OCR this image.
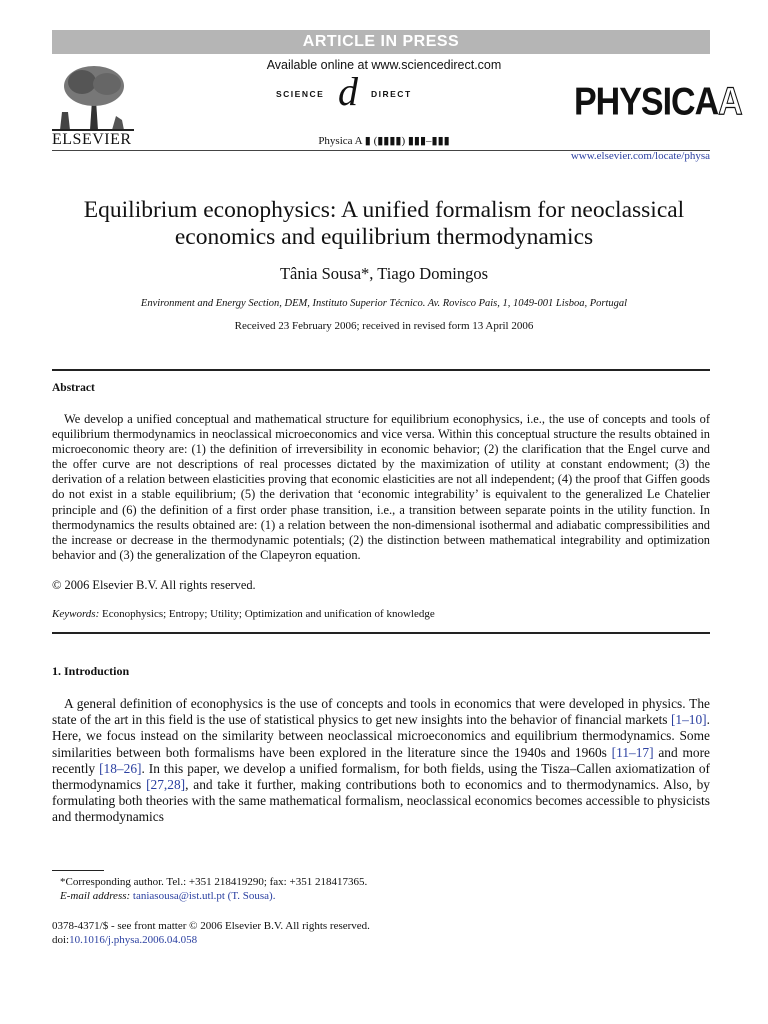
ARTICLE IN PRESS
ELSEVIER
Available online at www.sciencedirect.com
SCIENCE d DIRECT
Physica A ▮ (▮▮▮▮) ▮▮▮–▮▮▮
PHYSICAA
www.elsevier.com/locate/physa
Equilibrium econophysics: A unified formalism for neoclassical
economics and equilibrium thermodynamics
Tânia Sousa*, Tiago Domingos
Environment and Energy Section, DEM, Instituto Superior Técnico. Av. Rovisco Pais, 1, 1049-001 Lisboa, Portugal
Received 23 February 2006; received in revised form 13 April 2006
Abstract

We develop a unified conceptual and mathematical structure for equilibrium econophysics, i.e., the use of concepts and tools of equilibrium thermodynamics in neoclassical microeconomics and vice versa. Within this conceptual structure the results obtained in microeconomic theory are: (1) the definition of irreversibility in economic behavior; (2) the clarification that the Engel curve and the offer curve are not descriptions of real processes dictated by the maximization of utility at constant endowment; (3) the derivation of a relation between elasticities proving that economic elasticities are not all independent; (4) the proof that Giffen goods do not exist in a stable equilibrium; (5) the derivation that ‘economic integrability’ is equivalent to the generalized Le Chatelier principle and (6) the definition of a first order phase transition, i.e., a transition between separate points in the utility function. In thermodynamics the results obtained are: (1) a relation between the non-dimensional isothermal and adiabatic compressibilities and the increase or decrease in the thermodynamic potentials; (2) the distinction between mathematical integrability and optimization behavior and (3) the generalization of the Clapeyron equation.

© 2006 Elsevier B.V. All rights reserved.
Keywords: Econophysics; Entropy; Utility; Optimization and unification of knowledge
1. Introduction

A general definition of econophysics is the use of concepts and tools in economics that were developed in physics. The state of the art in this field is the use of statistical physics to get new insights into the behavior of financial markets [1–10]. Here, we focus instead on the similarity between neoclassical microeconomics and equilibrium thermodynamics. Some similarities between both formalisms have been explored in the literature since the 1940s and 1960s [11–17] and more recently [18–26]. In this paper, we develop a unified formalism, for both fields, using the Tisza–Callen axiomatization of thermodynamics [27,28], and take it further, making contributions both to economics and to thermodynamics. Also, by formulating both theories with the same mathematical formalism, neoclassical economics becomes accessible to physicists and thermodynamics

*Corresponding author. Tel.: +351 218419290; fax: +351 218417365.
E-mail address: taniasousa@ist.utl.pt (T. Sousa).
0378-4371/$ - see front matter © 2006 Elsevier B.V. All rights reserved.
doi:10.1016/j.physa.2006.04.058
